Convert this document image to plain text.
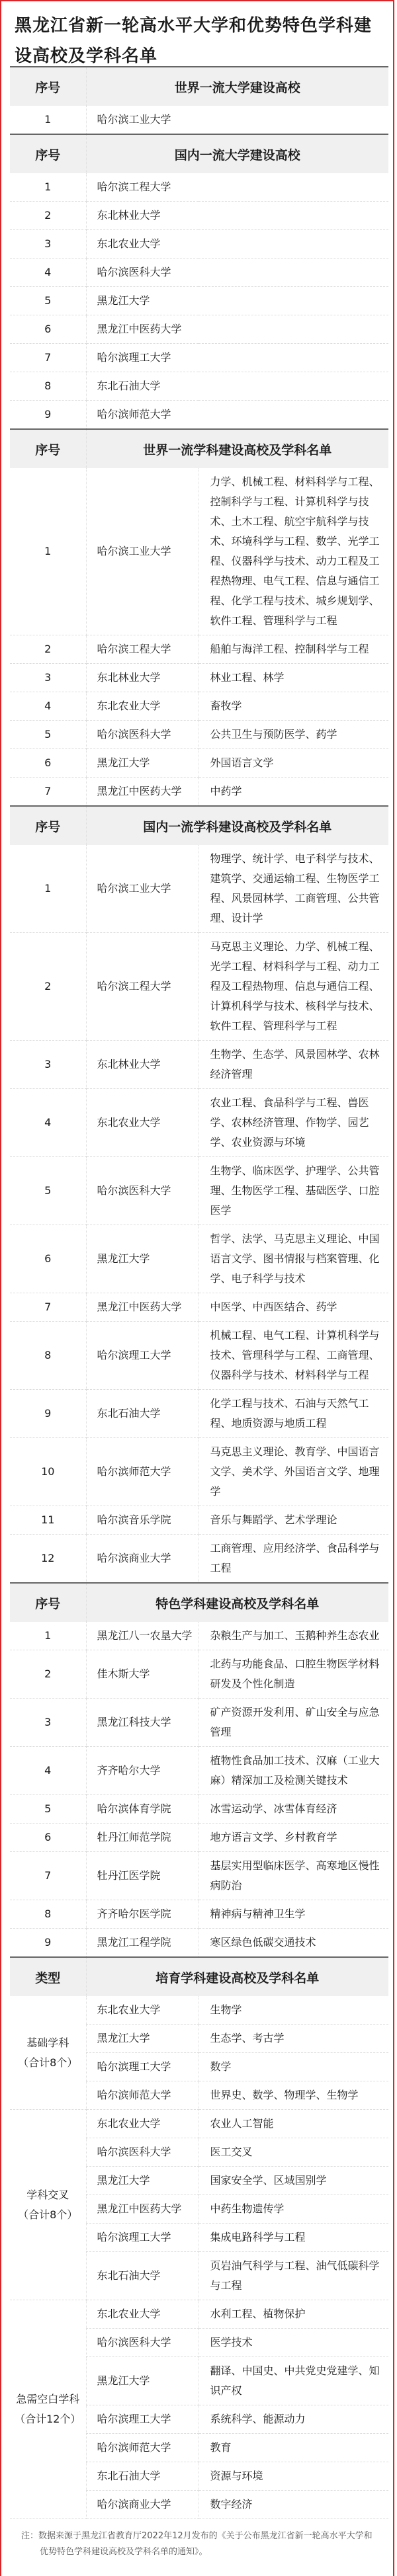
黑龙江省新一轮高水平大学和优势特色学科建设高校及学科名单
序号	世界一流大学建设高校	
1	哈尔滨工业大学	
序号	国内一流大学建设高校	
1	哈尔滨工程大学	
2	东北林业大学	
3	东北农业大学	
4	哈尔滨医科大学	
5	黑龙江大学	
6	黑龙江中医药大学	
7	哈尔滨理工大学	
8	东北石油大学	
9	哈尔滨师范大学	
序号	世界一流学科建设高校及学科名单	
1	哈尔滨工业大学	力学、机械工程、材料科学与工程、控制科学与工程、计算机科学与技术、土木工程、航空宇航科学与技术、环境科学与工程、数学、光学工程、仪器科学与技术、动力工程及工程热物理、电气工程、信息与通信工程、化学工程与技术、城乡规划学、软件工程、管理科学与工程
2	哈尔滨工程大学	船舶与海洋工程、控制科学与工程
3	东北林业大学	林业工程、林学
4	东北农业大学	畜牧学
5	哈尔滨医科大学	公共卫生与预防医学、药学
6	黑龙江大学	外国语言文学
7	黑龙江中医药大学	中药学
序号	国内一流学科建设高校及学科名单	
1	哈尔滨工业大学	物理学、统计学、电子科学与技术、建筑学、交通运输工程、生物医学工程、风景园林学、工商管理、公共管理、设计学
2	哈尔滨工程大学	马克思主义理论、力学、机械工程、光学工程、材料科学与工程、动力工程及工程热物理、信息与通信工程、计算机科学与技术、核科学与技术、软件工程、管理科学与工程
3	东北林业大学	生物学、生态学、风景园林学、农林经济管理
4	东北农业大学	农业工程、食品科学与工程、兽医学、农林经济管理、作物学、园艺学、农业资源与环境
5	哈尔滨医科大学	生物学、临床医学、护理学、公共管理、生物医学工程、基础医学、口腔医学
6	黑龙江大学	哲学、法学、马克思主义理论、中国语言文学、图书情报与档案管理、化学、电子科学与技术
7	黑龙江中医药大学	中医学、中西医结合、药学
8	哈尔滨理工大学	机械工程、电气工程、计算机科学与技术、管理科学与工程、工商管理、仪器科学与技术、材料科学与工程
9	东北石油大学	化学工程与技术、石油与天然气工程、地质资源与地质工程
10	哈尔滨师范大学	马克思主义理论、教育学、中国语言文学、美术学、外国语言文学、地理学
11	哈尔滨音乐学院	音乐与舞蹈学、艺术学理论
12	哈尔滨商业大学	工商管理、应用经济学、食品科学与工程
序号	特色学科建设高校及学科名单	
1	黑龙江八一农垦大学	杂粮生产与加工、玉鹅种养生态农业
2	佳木斯大学	北药与功能食品、口腔生物医学材料研发及个性化制造
3	黑龙江科技大学	矿产资源开发利用、矿山安全与应急管理
4	齐齐哈尔大学	植物性食品加工技术、汉麻（工业大麻）精深加工及检测关键技术
5	哈尔滨体育学院	冰雪运动学、冰雪体育经济
6	牡丹江师范学院	地方语言文学、乡村教育学
7	牡丹江医学院	基层实用型临床医学、高寒地区慢性病防治
8	齐齐哈尔医学院	精神病与精神卫生学
9	黑龙江工程学院	寒区绿色低碳交通技术
类型	培育学科建设高校及学科名单	

基础学科
（合计8个）	东北农业大学	生物学
	黑龙江大学	生态学、考古学
	哈尔滨理工大学	数学
	哈尔滨师范大学	世界史、数学、物理学、生物学

学科交叉
（合计8个）	东北农业大学	农业人工智能
	哈尔滨医科大学	医工交叉
	黑龙江大学	国家安全学、区域国别学
	黑龙江中医药大学	中药生物遗传学
	哈尔滨理工大学	集成电路科学与工程
	东北石油大学	页岩油气科学与工程、油气低碳科学与工程

急需空白学科
（合计12个）	东北农业大学	水利工程、植物保护
	哈尔滨医科大学	医学技术
	黑龙江大学	翻译、中国史、中共党史党建学、知识产权
	哈尔滨理工大学	系统科学、能源动力
	哈尔滨师范大学	教育
	东北石油大学	资源与环境
	哈尔滨商业大学	数字经济
注：数据来源于黑龙江省教育厅2022年12月发布的《关于公布黑龙江省新一轮高水平大学和优势特色学科建设高校及学科名单的通知》。
